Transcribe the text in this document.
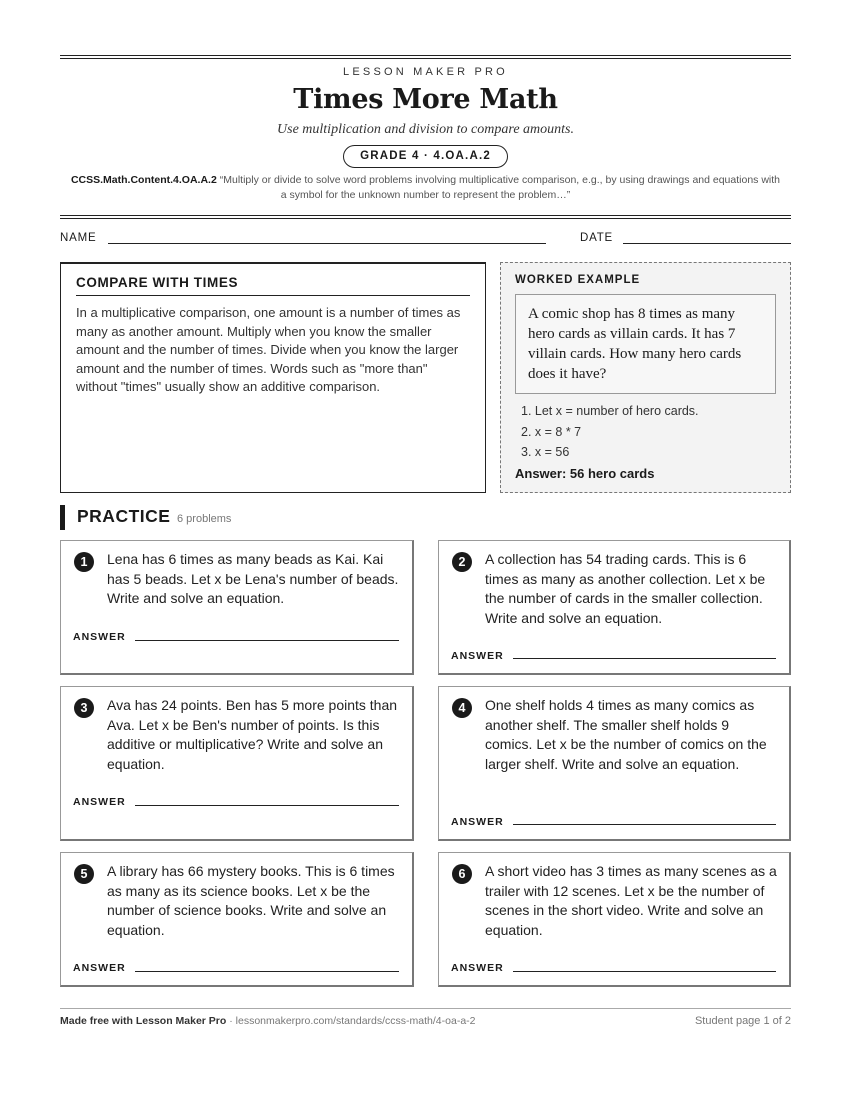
LESSON MAKER PRO
Times More Math
Use multiplication and division to compare amounts.
GRADE 4 · 4.OA.A.2
CCSS.Math.Content.4.OA.A.2 “Multiply or divide to solve word problems involving multiplicative comparison, e.g., by using drawings and equations with a symbol for the unknown number to represent the problem…”
NAME	DATE
COMPARE WITH TIMES
In a multiplicative comparison, one amount is a number of times as many as another amount. Multiply when you know the smaller amount and the number of times. Divide when you know the larger amount and the number of times. Words such as "more than" without "times" usually show an additive comparison.
WORKED EXAMPLE
A comic shop has 8 times as many hero cards as villain cards. It has 7 villain cards. How many hero cards does it have?
1. Let x = number of hero cards.
2. x = 8 * 7
3. x = 56
Answer: 56 hero cards
PRACTICE 6 problems
1	Lena has 6 times as many beads as Kai. Kai has 5 beads. Let x be Lena's number of beads. Write and solve an equation.
ANSWER
2	A collection has 54 trading cards. This is 6 times as many as another collection. Let x be the number of cards in the smaller collection. Write and solve an equation.
ANSWER
3	Ava has 24 points. Ben has 5 more points than Ava. Let x be Ben's number of points. Is this additive or multiplicative? Write and solve an equation.
ANSWER
4	One shelf holds 4 times as many comics as another shelf. The smaller shelf holds 9 comics. Let x be the number of comics on the larger shelf. Write and solve an equation.
ANSWER
5	A library has 66 mystery books. This is 6 times as many as its science books. Let x be the number of science books. Write and solve an equation.
ANSWER
6	A short video has 3 times as many scenes as a trailer with 12 scenes. Let x be the number of scenes in the short video. Write and solve an equation.
ANSWER
Made free with Lesson Maker Pro · lessonmakerpro.com/standards/ccss-math/4-oa-a-2	Student page 1 of 2
